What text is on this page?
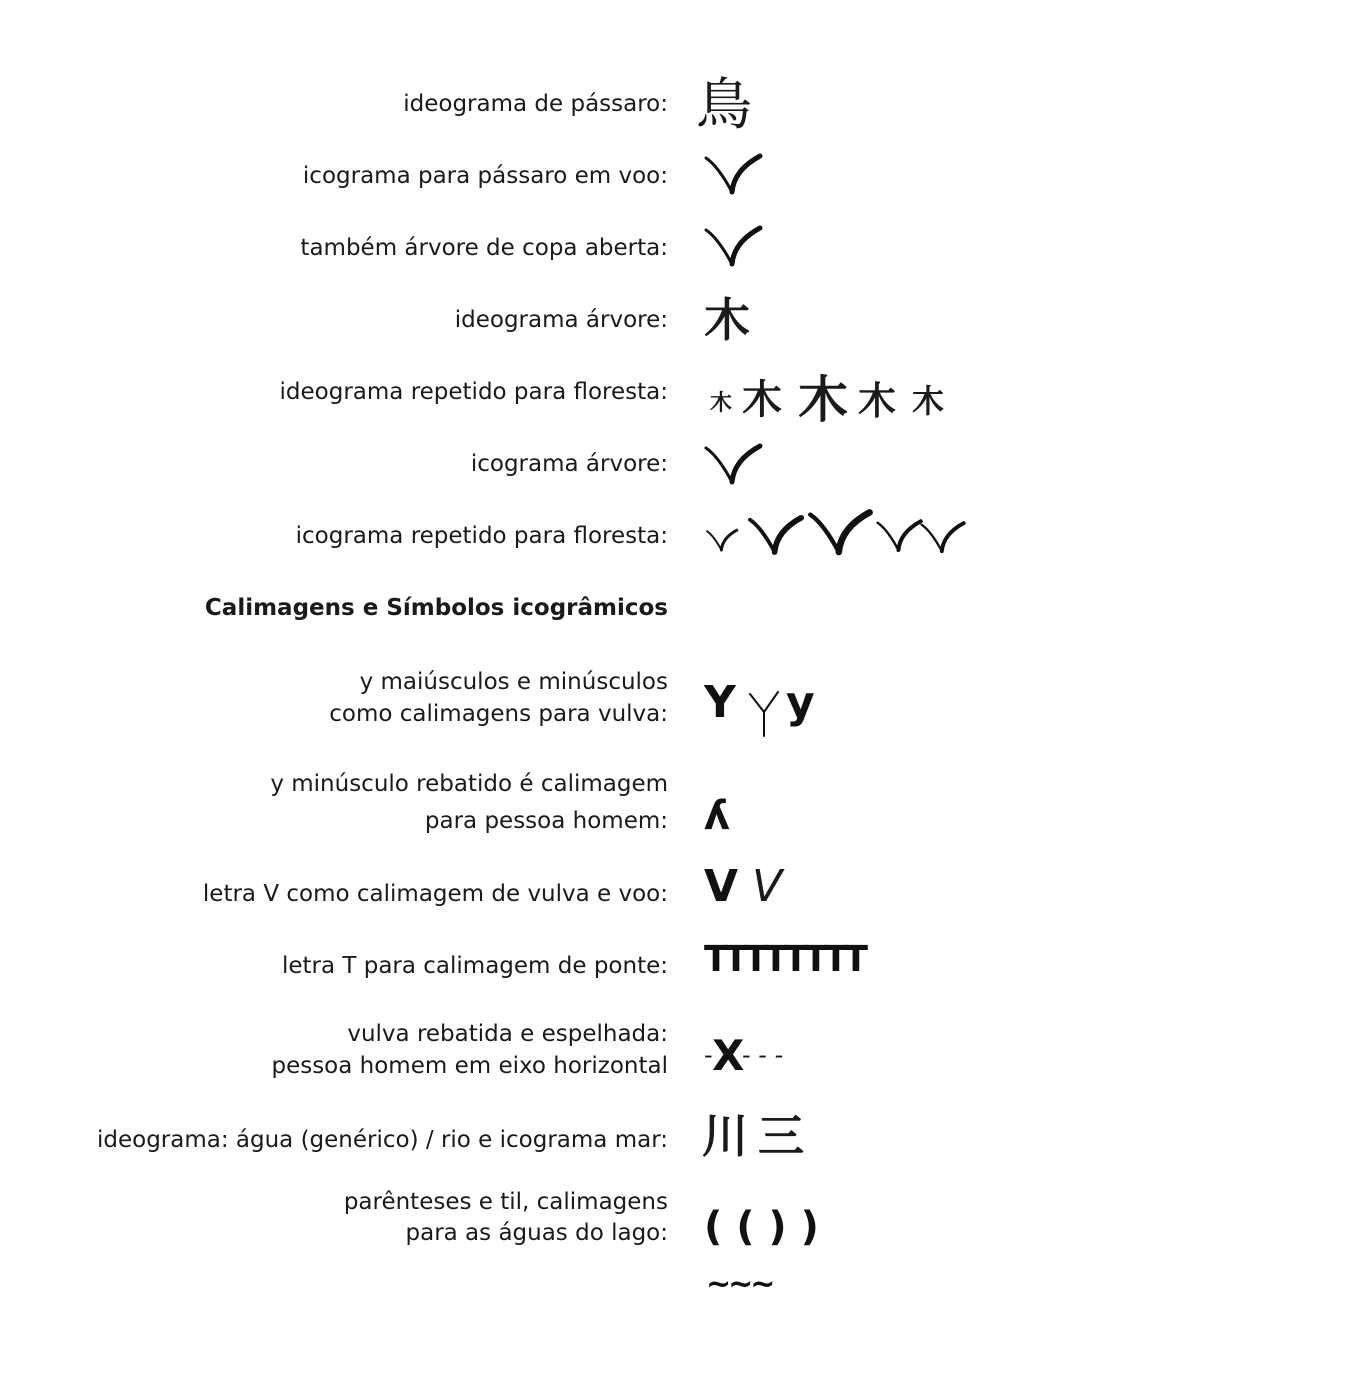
ideograma de pássaro: 鳥
icograma para pássaro em voo:
também árvore de copa aberta:
ideograma árvore: 木
ideograma repetido para floresta: 木 木 木 木 木
icograma árvore:
icograma repetido para floresta:
Calimagens e Símbolos icogrâmicos
y maiúsculos e minúsculos
como calimagens para vulva: Y y
y minúsculo rebatido é calimagem
para pessoa homem: ʎ
letra V como calimagem de vulva e voo: V V
letra T para calimagem de ponte: TTTTTTTT
vulva rebatida e espelhada:
pessoa homem em eixo horizontal - X
- - -
ideograma: água (genérico) / rio e icograma mar: 川 三
parênteses e til, calimagens
para as águas do lago: ( ( ) )
~~~
